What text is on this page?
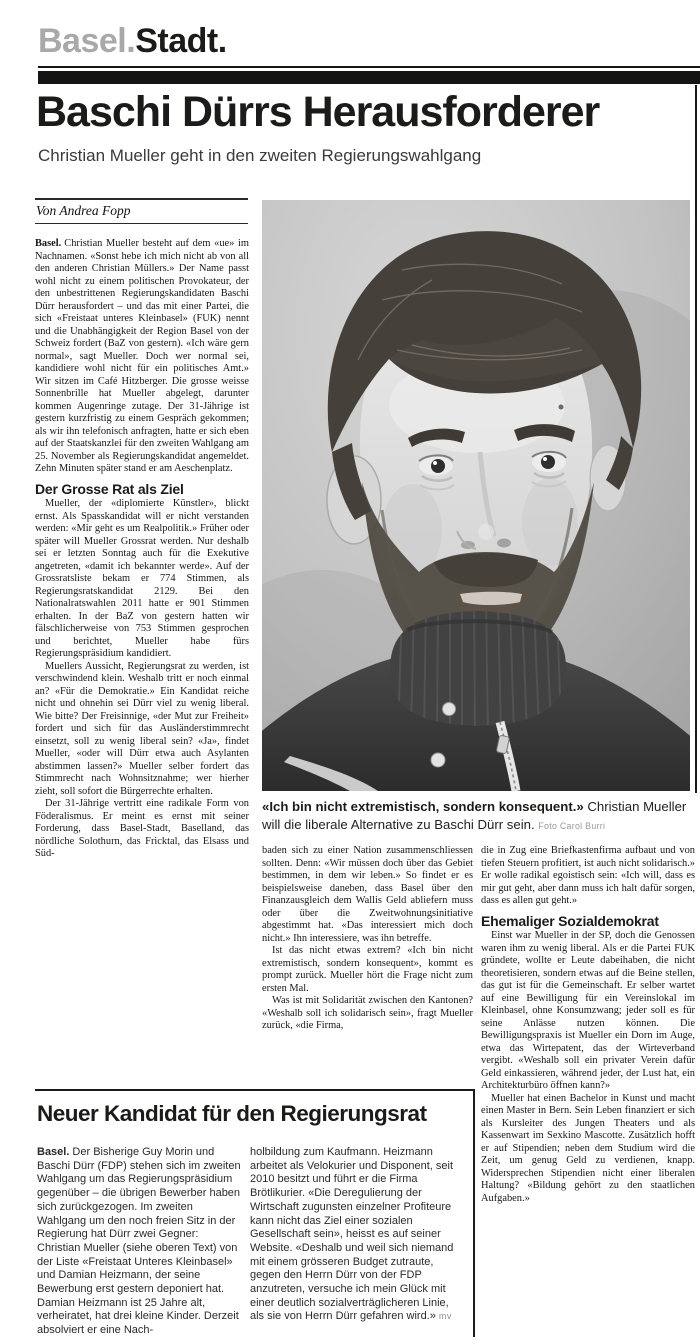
Basel.Stadt.
Baschi Dürrs Herausforderer
Christian Mueller geht in den zweiten Regierungswahlgang
Von Andrea Fopp
«Ich bin nicht extremistisch, sondern konsequent.» Christian Mueller will die liberale Alternative zu Baschi Dürr sein. Foto Carol Burri

Basel. Christian Mueller besteht auf dem «ue» im Nachnamen. «Sonst hebe ich mich nicht ab von all den anderen Christian Müllers.» Der Name passt wohl nicht zu einem politischen Provokateur, der den unbestrittenen Regierungskandidaten Baschi Dürr herausfordert – und das mit einer Partei, die sich «Freistaat unteres Kleinbasel» (FUK) nennt und die Unabhängigkeit der Region Basel von der Schweiz fordert (BaZ von gestern). «Ich wäre gern normal», sagt Mueller. Doch wer normal sei, kandidiere wohl nicht für ein politisches Amt.» Wir sitzen im Café Hitzberger. Die grosse weisse Sonnenbrille hat Mueller abgelegt, darunter kommen Augenringe zutage. Der 31-Jährige ist gestern kurzfristig zu einem Gespräch gekommen; als wir ihn telefonisch anfragten, hatte er sich eben auf der Staatskanzlei für den zweiten Wahlgang am 25. November als Regierungskandidat angemeldet. Zehn Minuten später stand er am Aeschenplatz.

Der Grosse Rat als Ziel

Mueller, der «diplomierte Künstler», blickt ernst. Als Spasskandidat will er nicht verstanden werden: «Mir geht es um Realpolitik.» Früher oder später will Mueller Grossrat werden. Nur deshalb sei er letzten Sonntag auch für die Exekutive angetreten, «damit ich bekannter werde». Auf der Grossratsliste bekam er 774 Stimmen, als Regierungsratskandidat 2129. Bei den Nationalratswahlen 2011 hatte er 901 Stimmen erhalten. In der BaZ von gestern hatten wir fälschlicherweise von 753 Stimmen gesprochen und berichtet, Mueller habe fürs Regierungspräsidium kandidiert.

Muellers Aussicht, Regierungsrat zu werden, ist verschwindend klein. Weshalb tritt er noch einmal an? «Für die Demokratie.» Ein Kandidat reiche nicht und ohnehin sei Dürr viel zu wenig liberal. Wie bitte? Der Freisinnige, «der Mut zur Freiheit» fordert und sich für das Ausländerstimmrecht einsetzt, soll zu wenig liberal sein? «Ja», findet Mueller, «oder will Dürr etwa auch Asylanten abstimmen lassen?» Mueller selber fordert das Stimmrecht nach Wohnsitznahme; wer hierher zieht, soll sofort die Bürgerrechte erhalten.

Der 31-Jährige vertritt eine radikale Form von Föderalismus. Er meint es ernst mit seiner Forderung, dass Basel-Stadt, Baselland, das nördliche Solothurn, das Fricktal, das Elsass und Süd-	baden sich zu einer Nation zusammenschliessen sollten. Denn: «Wir müssen doch über das Gebiet bestimmen, in dem wir leben.» So findet er es beispielsweise daneben, dass Basel über den Finanzausgleich dem Wallis Geld abliefern muss oder über die Zweitwohnungsinitiative abgestimmt hat. «Das interessiert mich doch nicht.» Ihn interessiere, was ihn betreffe.

Ist das nicht etwas extrem? «Ich bin nicht extremistisch, sondern konsequent», kommt es prompt zurück. Mueller hört die Frage nicht zum ersten Mal.

Was ist mit Solidarität zwischen den Kantonen? «Weshalb soll ich solidarisch sein», fragt Mueller zurück, «die Firma,

die in Zug eine Briefkastenfirma aufbaut und von tiefen Steuern profitiert, ist auch nicht solidarisch.» Er wolle radikal egoistisch sein: «Ich will, dass es mir gut geht, aber dann muss ich halt dafür sorgen, dass es allen gut geht.»

Ehemaliger Sozialdemokrat

Einst war Mueller in der SP, doch die Genossen waren ihm zu wenig liberal. Als er die Partei FUK gründete, wollte er Leute dabeihaben, die nicht theoretisieren, sondern etwas auf die Beine stellen, das gut ist für die Gemeinschaft. Er selber wartet auf eine Bewilligung für ein Vereinslokal im Kleinbasel, ohne Konsumzwang; jeder soll es für seine Anlässe nutzen können. Die Bewilligungspraxis ist Mueller ein Dorn im Auge, etwa das Wirtepatent, das der Wirteverband vergibt. «Weshalb soll ein privater Verein dafür Geld einkassieren, während jeder, der Lust hat, ein Architekturbüro öffnen kann?»

Mueller hat einen Bachelor in Kunst und macht einen Master in Bern. Sein Leben finanziert er sich als Kursleiter des Jungen Theaters und als Kassenwart im Sexkino Mascotte. Zusätzlich hofft er auf Stipendien; neben dem Studium wird die Zeit, um genug Geld zu verdienen, knapp. Widersprechen Stipendien nicht einer liberalen Haltung? «Bildung gehört zu den staatlichen Aufgaben.»

Neuer Kandidat für den Regierungsrat
Basel. Der Bisherige Guy Morin und Baschi Dürr (FDP) stehen sich im zweiten Wahlgang um das Regierungspräsidium gegenüber – die übrigen Bewerber haben sich zurückgezogen. Im zweiten Wahlgang um den noch freien Sitz in der Regierung hat Dürr zwei Gegner: Christian Mueller (siehe oberen Text) von der Liste «Freistaat Unteres Kleinbasel» und Damian Heizmann, der seine Bewerbung erst gestern deponiert hat. Damian Heizmann ist 25 Jahre alt, verheiratet, hat drei kleine Kinder. Derzeit absolviert er eine Nach-
holbildung zum Kaufmann. Heizmann arbeitet als Velokurier und Disponent, seit 2010 besitzt und führt er die Firma Brötlikurier. «Die Deregulierung der Wirtschaft zugunsten einzelner Profiteure kann nicht das Ziel einer sozialen Gesellschaft sein», heisst es auf seiner Website. «Deshalb und weil sich niemand mit einem grösseren Budget zutraute, gegen den Herrn Dürr von der FDP anzutreten, versuche ich mein Glück mit einer deutlich sozialverträglicheren Linie, als sie von Herrn Dürr gefahren wird.» mv
